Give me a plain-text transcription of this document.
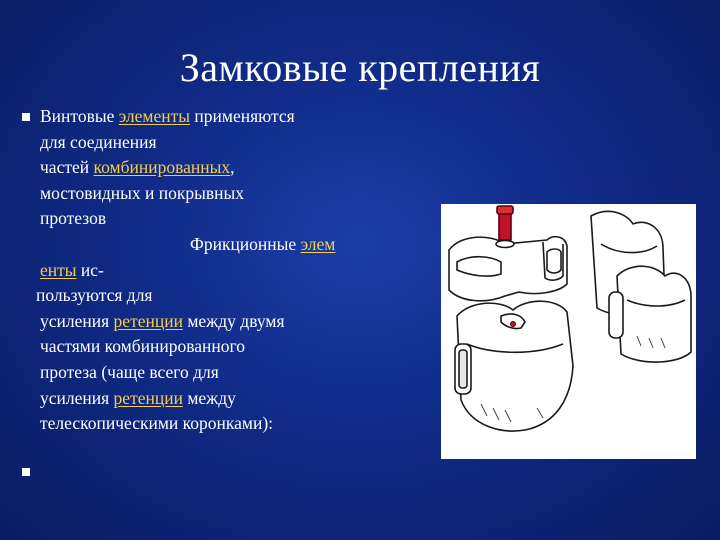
Замковые крепления
Винтовые элементы применяются
для соединения
частей комбинированных,
мостовидных и покрывных
протезов
Фрикционные элем
енты ис-
пользуются для
усиления ретенции между двумя
частями комбинированного
протеза (чаще всего для
усиления ретенции между
телескопическими коронками):
